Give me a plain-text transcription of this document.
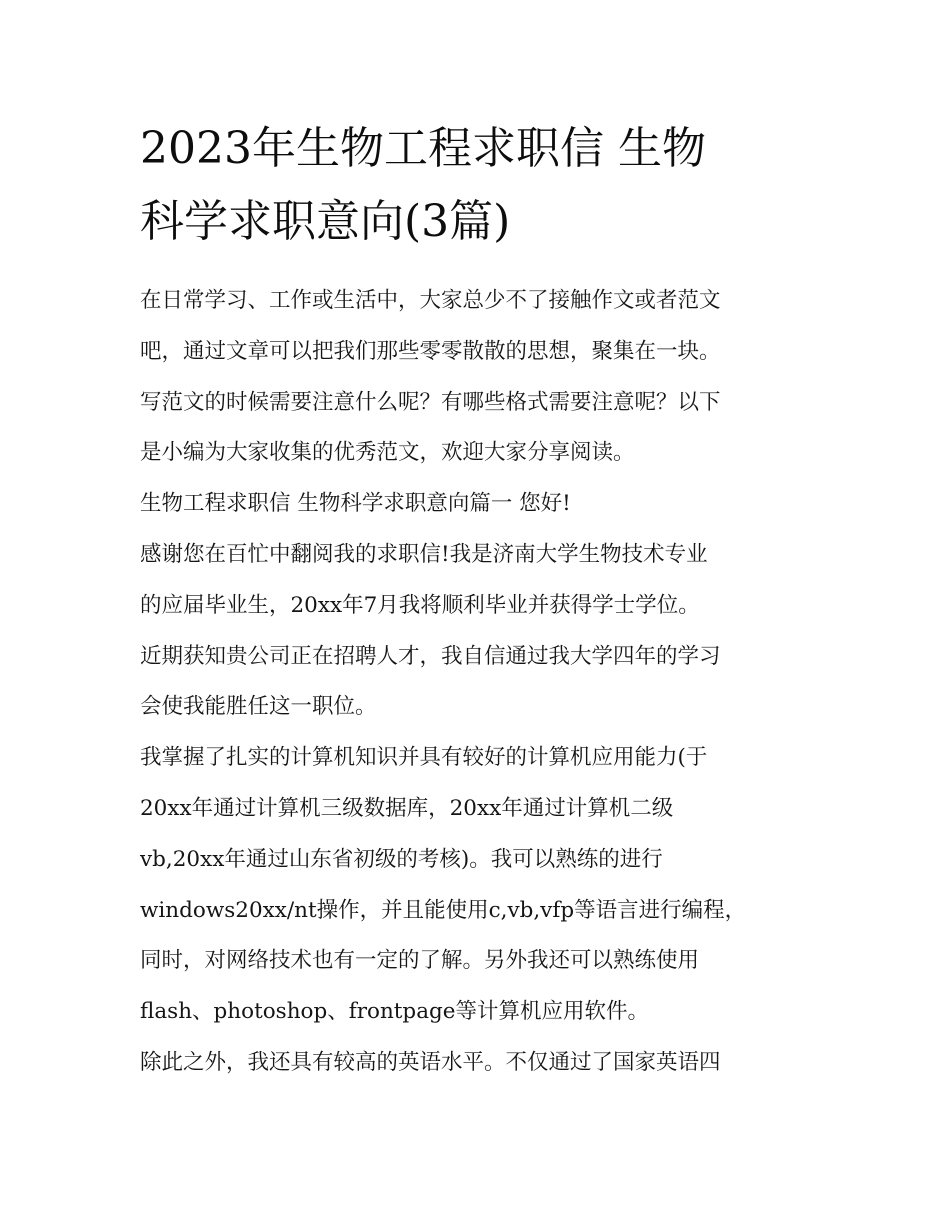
2023年生物工程求职信 生物
科学求职意向(3篇)
在日常学习、工作或生活中，大家总少不了接触作文或者范文
吧，通过文章可以把我们那些零零散散的思想，聚集在一块。
写范文的时候需要注意什么呢？有哪些格式需要注意呢？以下
是小编为大家收集的优秀范文，欢迎大家分享阅读。
生物工程求职信 生物科学求职意向篇一 您好!
感谢您在百忙中翻阅我的求职信!我是济南大学生物技术专业
的应届毕业生，20xx年7月我将顺利毕业并获得学士学位。
近期获知贵公司正在招聘人才，我自信通过我大学四年的学习
会使我能胜任这一职位。
我掌握了扎实的计算机知识并具有较好的计算机应用能力(于
20xx年通过计算机三级数据库，20xx年通过计算机二级
vb,20xx年通过山东省初级的考核)。我可以熟练的进行
windows20xx/nt操作，并且能使用c,vb,vfp等语言进行编程，
同时，对网络技术也有一定的了解。另外我还可以熟练使用
flash、photoshop、frontpage等计算机应用软件。
除此之外，我还具有较高的英语水平。不仅通过了国家英语四
